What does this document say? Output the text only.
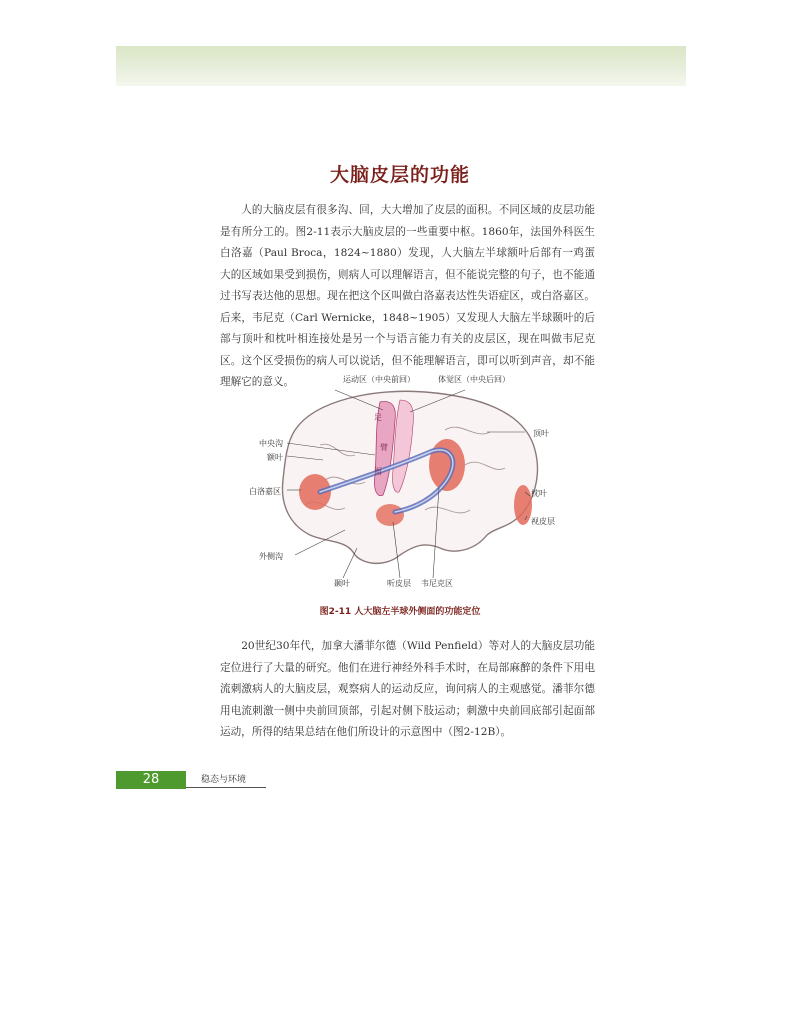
大脑皮层的功能

人的大脑皮层有很多沟、回，大大增加了皮层的面积。不同区域的皮层功能是有所分工的。图2-11表示大脑皮层的一些重要中枢。1860年，法国外科医生白洛嘉（Paul Broca，1824~1880）发现，人大脑左半球额叶后部有一鸡蛋大的区域如果受到损伤，则病人可以理解语言，但不能说完整的句子，也不能通过书写表达他的思想。现在把这个区叫做白洛嘉表达性失语症区，或白洛嘉区。后来，韦尼克（Carl Wernicke，1848~1905）又发现人大脑左半球颞叶的后部与顶叶和枕叶相连接处是另一个与语言能力有关的皮层区，现在叫做韦尼克区。这个区受损伤的病人可以说话，但不能理解语言，即可以听到声音，却不能理解它的意义。	运动区（中央前回）	体觉区（中央后回）
顶叶
中央沟
额叶
白洛嘉区	枕叶
视皮层
外侧沟
颞叶	听皮层 韦尼克区
足
臂
面
图2-11 人大脑左半球外侧面的功能定位

20世纪30年代，加拿大潘菲尔德（Wild Penfield）等对人的大脑皮层功能定位进行了大量的研究。他们在进行神经外科手术时，在局部麻醉的条件下用电流刺激病人的大脑皮层，观察病人的运动反应，询问病人的主观感觉。潘菲尔德用电流刺激一侧中央前回顶部，引起对侧下肢运动；刺激中央前回底部引起面部运动，所得的结果总结在他们所设计的示意图中（图2-12B）。

28	稳态与环境
